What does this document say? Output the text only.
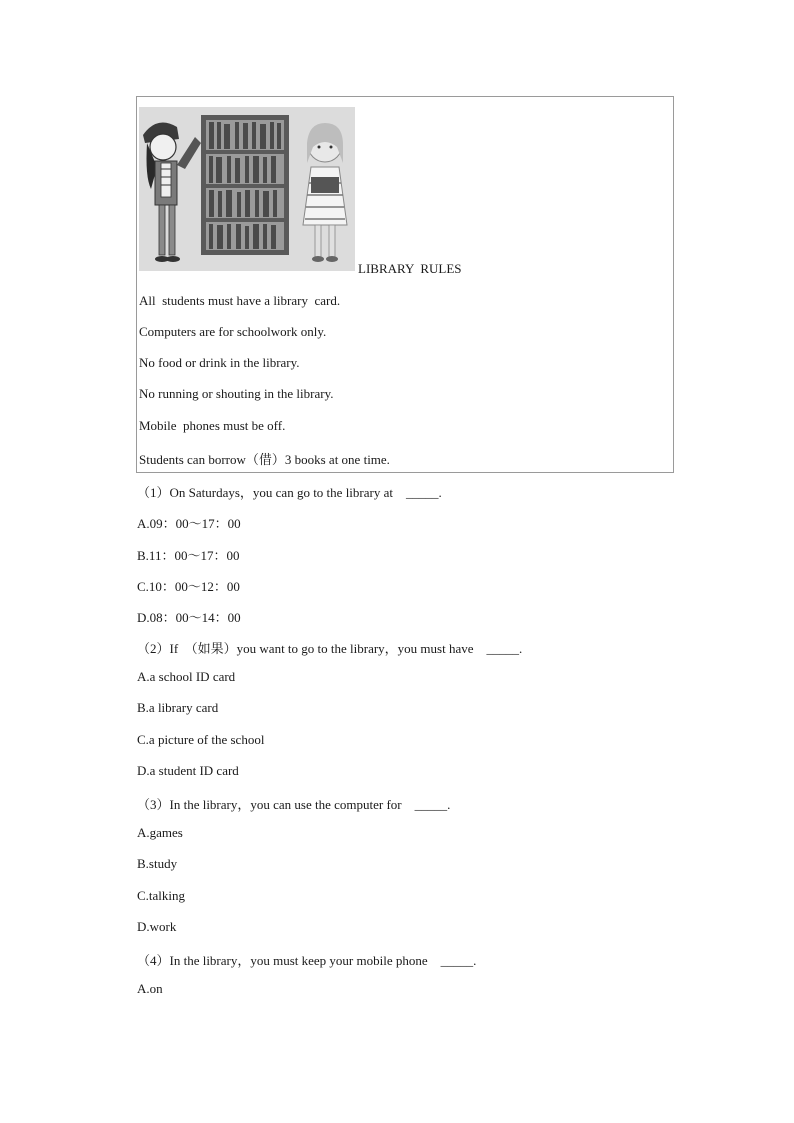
LIBRARY  RULES
All  students must have a library  card.
Computers are for schoolwork only.
No food or drink in the library.
No running or shouting in the library.
Mobile  phones must be off.
Students can borrow（借）3 books at one time.
（1）On Saturdays，you can go to the library at    _____.
A.09：00～17：00
B.11：00～17：00
C.10：00～12：00
D.08：00～14：00
（2）If  （如果）you want to go to the library，you must have    _____.
A.a school ID card
B.a library card
C.a picture of the school
D.a student ID card
（3）In the library，you can use the computer for    _____.
A.games
B.study
C.talking
D.work
（4）In the library，you must keep your mobile phone    _____.
A.on
